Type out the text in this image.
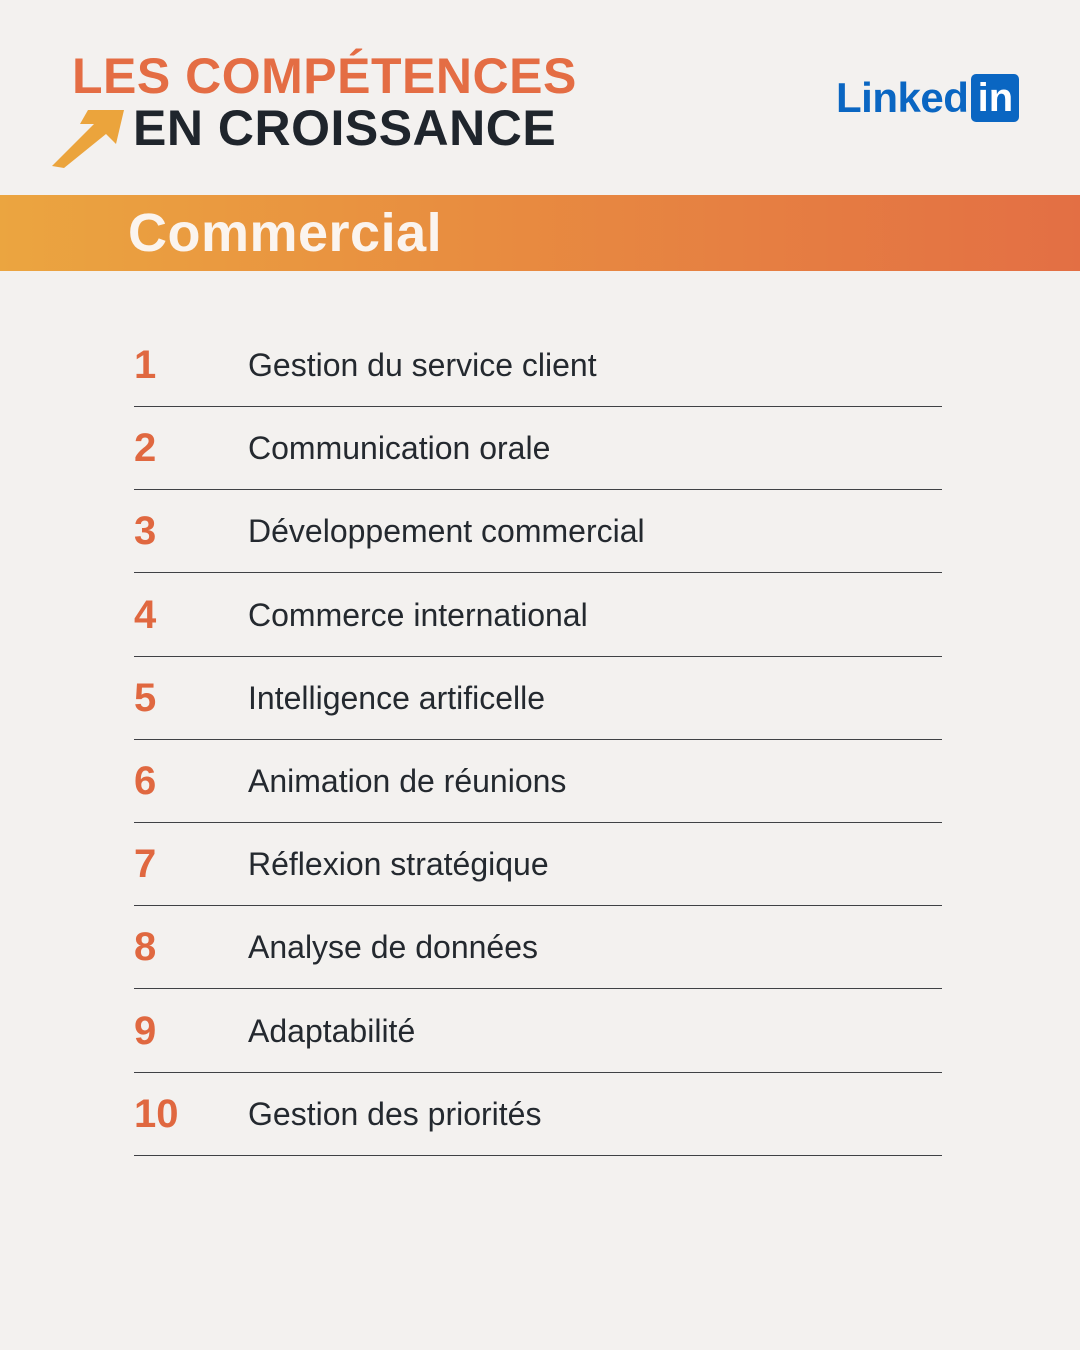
LES COMPÉTENCES
EN CROISSANCE
Linked in
Commercial
1	Gestion du service client
2	Communication orale
3	Développement commercial
4	Commerce international
5	Intelligence artificelle
6	Animation de réunions
7	Réflexion stratégique
8	Analyse de données
9	Adaptabilité
10 Gestion des priorités
